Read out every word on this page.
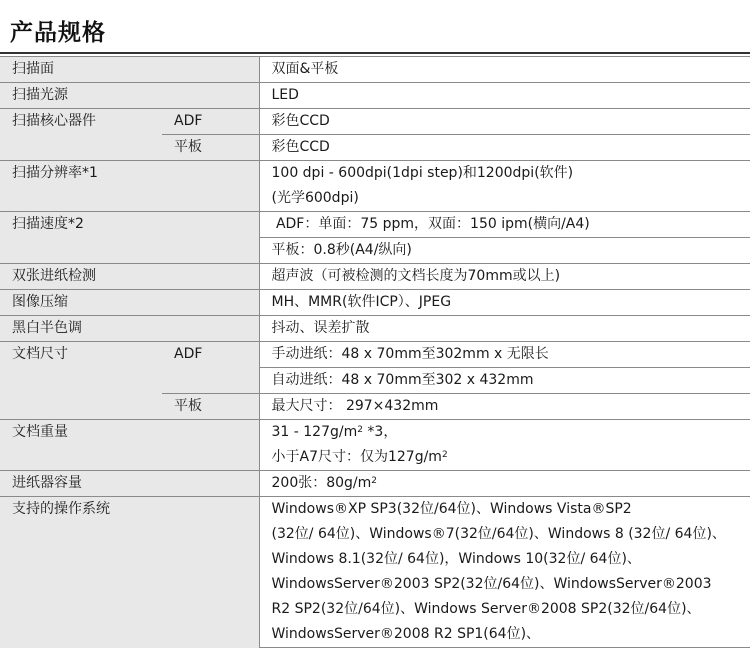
产品规格
扫描面		双面&平板
扫描光源		LED
扫描核心器件	ADF	彩色CCD
	平板	彩色CCD
扫描分辨率*1		100 dpi - 600dpi(1dpi step)和1200dpi(软件)
		(光学600dpi)
扫描速度*2		ADF：单面：75 ppm，双面：150 ipm(横向/A4)
		平板：0.8秒(A4/纵向)
双张进纸检测		超声波（可被检测的文档长度为70mm或以上)
图像压缩		MH、MMR(软件ICP）、JPEG
黑白半色调		抖动、误差扩散
文档尺寸	ADF	手动进纸：48 x 70mm至302mm x 无限长
		自动进纸：48 x 70mm至302 x 432mm
	平板	最大尺寸： 297×432mm
文档重量		$31 - 127g/m^2$ *3，
		小于A7尺寸：仅为$127g/m^2$
进纸器容量		200张：$80g/m^2$
支持的操作系统		Windows®XP SP3(32位/64位)、Windows Vista®SP2
		(32位/ 64位)、Windows®7(32位/64位)、Windows 8 (32位/ 64位)、
		Windows 8.1(32位/ 64位)，Windows 10(32位/ 64位)、
		WindowsServer®2003 SP2(32位/64位)、WindowsServer®2003
		R2 SP2(32位/64位)、Windows Server®2008 SP2(32位/64位)、
		WindowsServer®2008 R2 SP1(64位)、
